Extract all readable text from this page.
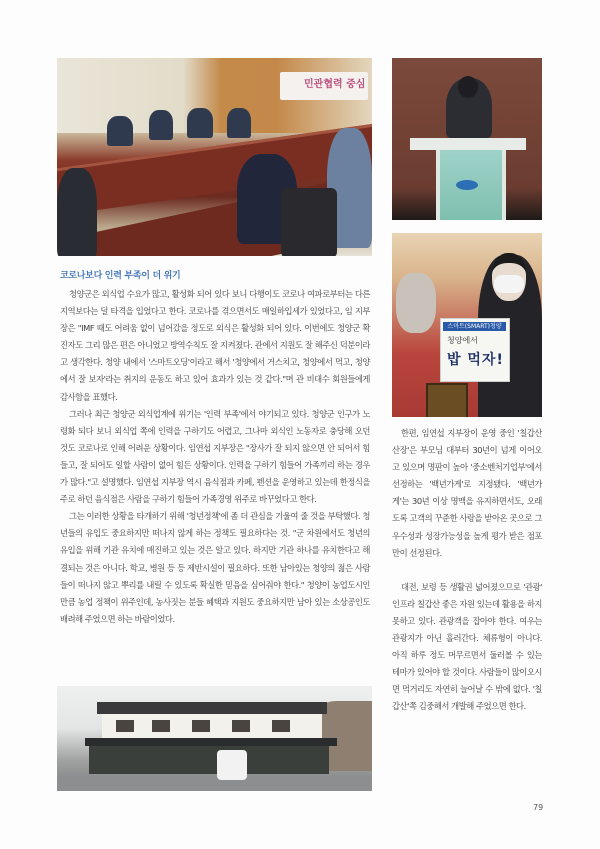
민관협력 중심
스마트(SMART)청양
청양에서
밥 먹자!
코로나보다 인력 부족이 더 위기

청양군은 외식업 수요가 많고, 활성화 되어 있다 보니 다행이도 코로나 여파로부터는 다른 지역보다는 덜 타격을 입었다고 한다. 코로나를 겪으면서도 매일하입세가 있었다고, 임 지부장은 "IMF 때도 어려움 없이 넘어갔을 정도로 외식은 활성화 되어 있다. 이번에도 청양군 확진자도 그리 많은 편은 아니었고 방역수칙도 잘 지켜졌다. 관에서 지원도 잘 해주신 덕분이라고 생각한다. 청양 내에서 '스마트오딩'이라고 해서 '청양에서 거스치고, 청양에서 먹고, 청양에서 잘 보자'라는 취지의 운동도 하고 있어 효과가 있는 것 같다."며 관 비대수 회원들에게 감사함을 표했다.

그러나 최근 청양군 외식업계에 위기는 '인력 부족'에서 야기되고 있다. 청양군 인구가 노령화 되다 보니 외식업 쪽에 인력을 구하기도 어렵고, 그나마 외식인 노동자로 충당해 오던 것도 코로나로 인해 어려운 상황이다. 임연섭 지부장은 "장사가 잘 되지 않으면 안 되어서 힘들고, 잘 되어도 일할 사람이 없어 힘든 상황이다. 인력을 구하기 힘들어 가족끼리 하는 경우가 많다."고 설명했다. 임연섭 지부장 역시 음식점과 카페, 펜션을 운영하고 있는데 한정식을 주로 하던 음식점은 사람을 구하기 힘들어 가족경영 위주로 바꾸었다고 한다.

그는 이러한 상황을 타개하기 위해 '청년정책'에 좀 더 관심을 기울여 줄 것을 부탁했다. 청년들의 유입도 중요하지만 떠나지 않게 하는 정책도 필요하다는 것. "군 차원에서도 청년의 유입을 위해 기관 유치에 매진하고 있는 것은 알고 있다. 하지만 기관 하나를 유치한다고 해결되는 것은 아니다. 학교, 병원 등 등 제반시설이 필요하다. 또한 남아있는 청양의 젊은 사람들이 떠나지 않고 뿌리를 내릴 수 있도록 확실한 믿음을 심어줘야 한다." 청양이 농업도시인 만큼 농업 정책이 위주인데, 농사짓는 분들 혜택과 지원도 중요하지만 남아 있는 소상공인도 배려해 주었으면 하는 바람이었다.

한편, 임연섭 지부장이 운영 중인 '칠갑산 산장'은 부모님 대부터 30년이 넘게 이어오고 있으며 명판이 높아 '중소벤처기업부'에서 선정하는 '백년가게'로 지정됐다. '백년가게'는 30년 이상 명맥을 유지하면서도, 오래도록 고객의 꾸준한 사랑을 받아온 곳으로 그 우수성과 성장가능성을 높게 평가 받은 점포만이 선정된다.

대전, 보령 등 생활권 넓어졌으므로 '관광' 인프라 칠갑산 좋은 자원 있는데 활용을 하지 못하고 있다. 관광객을 잡아야 한다. 여우는 관광지가 아닌 흘러간다. 체류형이 아니다. 아직 하루 정도 머무르면서 둘러볼 수 있는 테마가 있어야 할 것이다. 사람들이 많이오시면 먹거리도 자연히 늘어날 수 밖에 없다. '칠갑산'쪽 김중해서 개발해 주었으면 한다.

79
